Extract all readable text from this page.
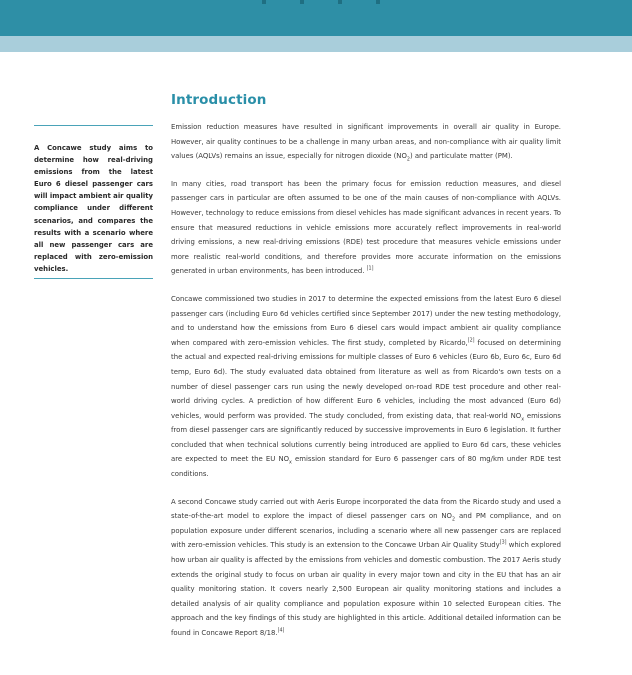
Introduction
A Concawe study aims to determine how real-driving emissions from the latest Euro 6 diesel passenger cars will impact ambient air quality compliance under different scenarios, and compares the results with a scenario where all new passenger cars are replaced with zero-emission vehicles.

Emission reduction measures have resulted in significant improvements in overall air quality in Europe. However, air quality continues to be a challenge in many urban areas, and non-compliance with air quality limit values (AQLVs) remains an issue, especially for nitrogen dioxide $(NO_2)$ and particulate matter (PM).

In many cities, road transport has been the primary focus for emission reduction measures, and diesel passenger cars in particular are often assumed to be one of the main causes of non-compliance with AQLVs. However, technology to reduce emissions from diesel vehicles has made significant advances in recent years. To ensure that measured reductions in vehicle emissions more accurately reflect improvements in real-world driving emissions, a new real-driving emissions (RDE) test procedure that measures vehicle emissions under more realistic real-world conditions, and therefore provides more accurate information on the emissions generated in urban environments, has been introduced. [1]

Concawe commissioned two studies in 2017 to determine the expected emissions from the latest Euro 6 diesel passenger cars (including Euro 6d vehicles certified since September 2017) under the new testing methodology, and to understand how the emissions from Euro 6 diesel cars would impact ambient air quality compliance when compared with zero-emission vehicles. The first study, completed by Ricardo,[2] focused on determining the actual and expected real-driving emissions for multiple classes of Euro 6 vehicles (Euro 6b, Euro 6c, Euro 6d temp, Euro 6d). The study evaluated data obtained from literature as well as from Ricardo's own tests on a number of diesel passenger cars run using the newly developed on-road RDE test procedure and other real-world driving cycles. A prediction of how different Euro 6 vehicles, including the most advanced (Euro 6d) vehicles, would perform was provided. The study concluded, from existing data, that real-world $NO_x$ emissions from diesel passenger cars are significantly reduced by successive improvements in Euro 6 legislation. It further concluded that when technical solutions currently being introduced are applied to Euro 6d cars, these vehicles are expected to meet the EU $NO_x$ emission standard for Euro 6 passenger cars of 80 mg/km under RDE test conditions.

A second Concawe study carried out with Aeris Europe incorporated the data from the Ricardo study and used a state-of-the-art model to explore the impact of diesel passenger cars on $NO_2$ and PM compliance, and on population exposure under different scenarios, including a scenario where all new passenger cars are replaced with zero-emission vehicles. This study is an extension to the Concawe Urban Air Quality Study[3] which explored how urban air quality is affected by the emissions from vehicles and domestic combustion. The 2017 Aeris study extends the original study to focus on urban air quality in every major town and city in the EU that has an air quality monitoring station. It covers nearly 2,500 European air quality monitoring stations and includes a detailed analysis of air quality compliance and population exposure within 10 selected European cities. The approach and the key findings of this study are highlighted in this article. Additional detailed information can be found in Concawe Report 8/18.[4]
